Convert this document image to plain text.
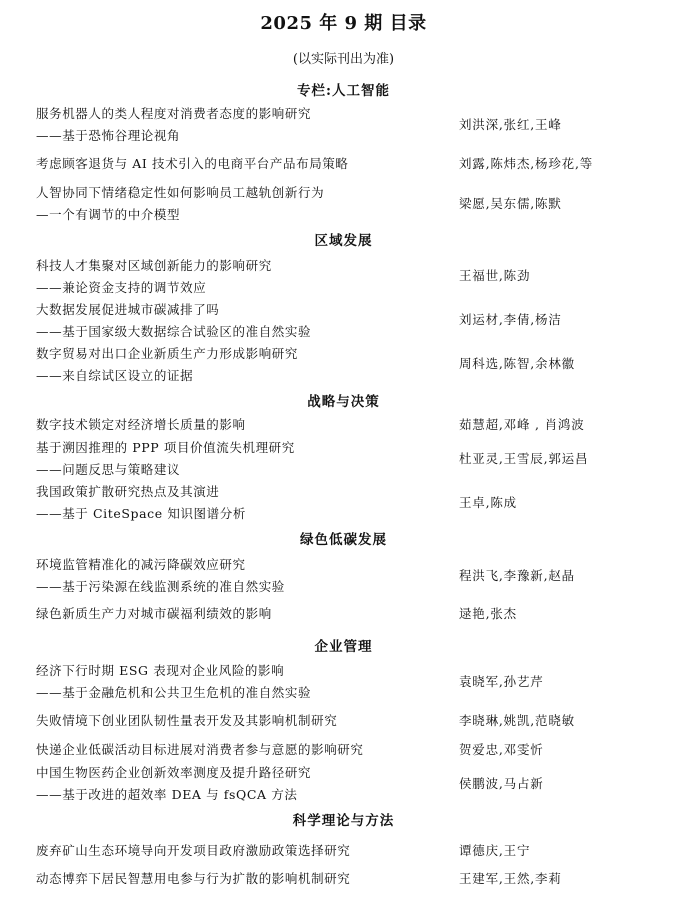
2025 年 9 期 目录
(以实际刊出为准)
专栏:人工智能
服务机器人的类人程度对消费者态度的影响研究
——基于恐怖谷理论视角
刘洪深,张红,王峰
考虑顾客退货与 AI 技术引入的电商平台产品布局策略	刘露,陈炜杰,杨珍花,等
人智协同下情绪稳定性如何影响员工越轨创新行为
—一个有调节的中介模型
梁愿,吴东儒,陈默
区域发展
科技人才集聚对区域创新能力的影响研究
——兼论资金支持的调节效应
王福世,陈劲
大数据发展促进城市碳减排了吗
——基于国家级大数据综合试验区的准自然实验
刘运材,李倩,杨洁
数字贸易对出口企业新质生产力形成影响研究
——来自综试区设立的证据
周科选,陈智,余林徽
战略与决策
数字技术锁定对经济增长质量的影响	茹慧超,邓峰 , 肖鸿波
基于溯因推理的 PPP 项目价值流失机理研究
——问题反思与策略建议
杜亚灵,王雪辰,郭运昌
我国政策扩散研究热点及其演进
——基于 CiteSpace 知识图谱分析
王卓,陈成
绿色低碳发展
环境监管精准化的减污降碳效应研究
——基于污染源在线监测系统的准自然实验
程洪飞,李豫新,赵晶
绿色新质生产力对城市碳福利绩效的影响	逯艳,张杰
企业管理
经济下行时期 ESG 表现对企业风险的影响
——基于金融危机和公共卫生危机的准自然实验
袁晓军,孙艺芹
失败情境下创业团队韧性量表开发及其影响机制研究	李晓琳,姚凯,范晓敏
快递企业低碳活动目标进展对消费者参与意愿的影响研究	贺爱忠,邓雯忻
中国生物医药企业创新效率测度及提升路径研究
——基于改进的超效率 DEA 与 fsQCA 方法
侯鹏波,马占新
科学理论与方法
废弃矿山生态环境导向开发项目政府激励政策选择研究	谭德庆,王宁
动态博弈下居民智慧用电参与行为扩散的影响机制研究	王建军,王然,李莉
